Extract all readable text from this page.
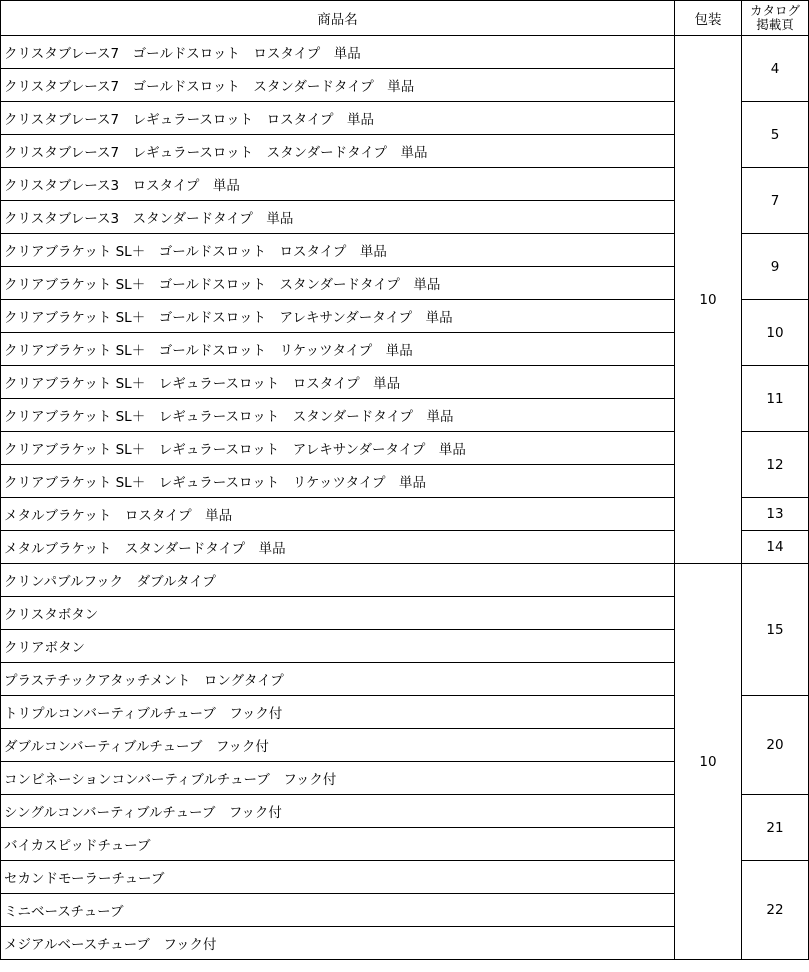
商品名	包装	カタログ
掲載頁
クリスタブレース7　ゴールドスロット　ロスタイプ　単品	10	4
クリスタブレース7　ゴールドスロット　スタンダードタイプ　単品		
クリスタブレース7　レギュラースロット　ロスタイプ　単品		5
クリスタブレース7　レギュラースロット　スタンダードタイプ　単品		
クリスタブレース3　ロスタイプ　単品		7
クリスタブレース3　スタンダードタイプ　単品		
クリアブラケット SL＋　ゴールドスロット　ロスタイプ　単品		9
クリアブラケット SL＋　ゴールドスロット　スタンダードタイプ　単品		
クリアブラケット SL＋　ゴールドスロット　アレキサンダータイプ　単品		10
クリアブラケット SL＋　ゴールドスロット　リケッツタイプ　単品		
クリアブラケット SL＋　レギュラースロット　ロスタイプ　単品		11
クリアブラケット SL＋　レギュラースロット　スタンダードタイプ　単品		
クリアブラケット SL＋　レギュラースロット　アレキサンダータイプ　単品		12
クリアブラケット SL＋　レギュラースロット　リケッツタイプ　単品		
メタルブラケット　ロスタイプ　単品		13
メタルブラケット　スタンダードタイプ　単品		14
クリンパブルフック　ダブルタイプ	10	15
クリスタボタン		
クリアボタン		
プラステチックアタッチメント　ロングタイプ		
トリプルコンバーティブルチューブ　フック付		20
ダブルコンバーティブルチューブ　フック付		
コンビネーションコンバーティブルチューブ　フック付		
シングルコンバーティブルチューブ　フック付		21
バイカスピッドチューブ		
セカンドモーラーチューブ		22
ミニベースチューブ		
メジアルベースチューブ　フック付		
